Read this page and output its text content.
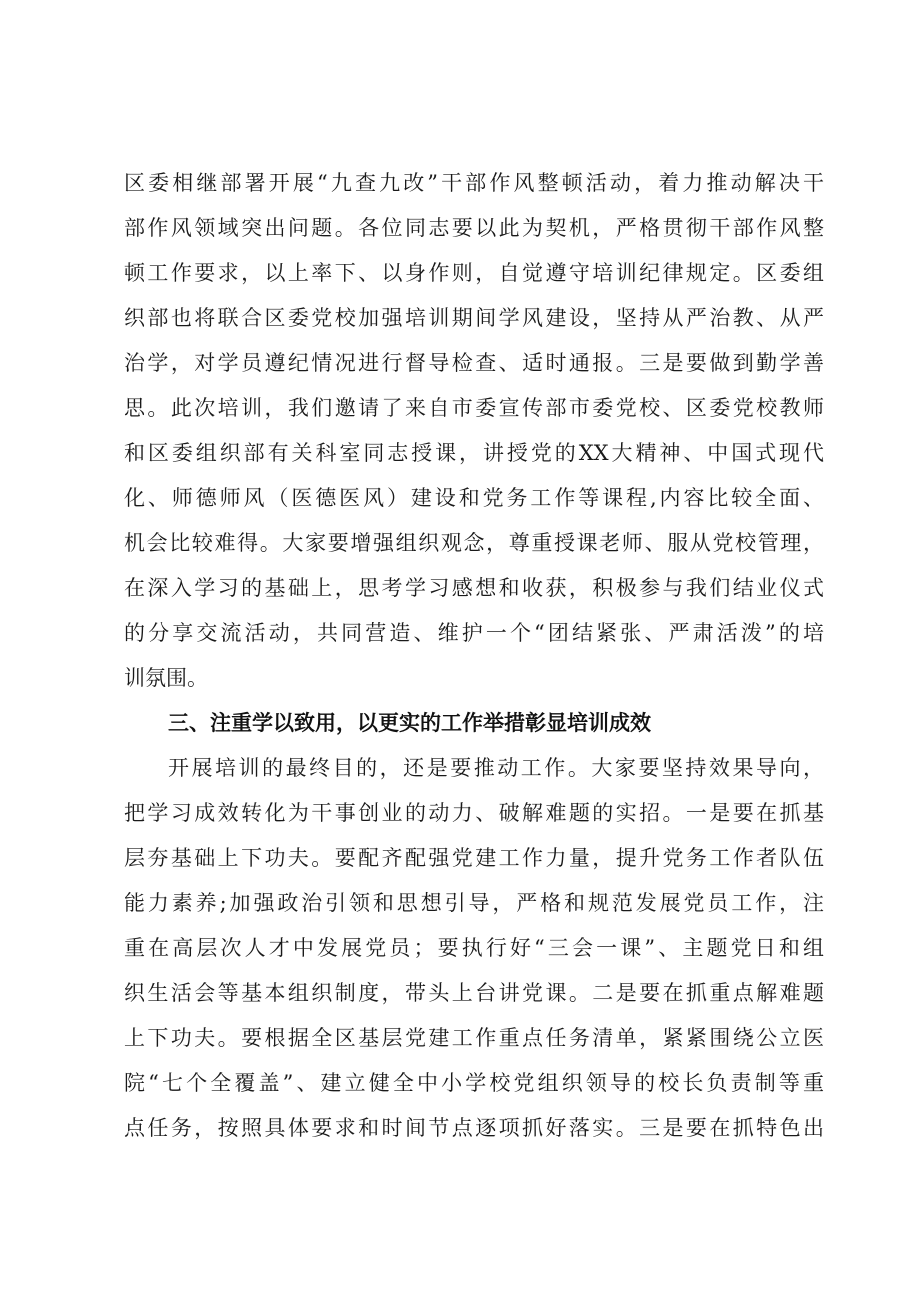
区委相继部署开展“九查九改”干部作风整顿活动，着力推动解决干
部作风领域突出问题。各位同志要以此为契机，严格贯彻干部作风整
顿工作要求，以上率下、以身作则，自觉遵守培训纪律规定。区委组
织部也将联合区委党校加强培训期间学风建设，坚持从严治教、从严
治学，对学员遵纪情况进行督导检查、适时通报。三是要做到勤学善
思。此次培训，我们邀请了来自市委宣传部市委党校、区委党校教师
和区委组织部有关科室同志授课，讲授党的XX大精神、中国式现代
化、师德师风（医德医风）建设和党务工作等课程,内容比较全面、
机会比较难得。大家要增强组织观念，尊重授课老师、服从党校管理，
在深入学习的基础上，思考学习感想和收获，积极参与我们结业仪式
的分享交流活动，共同营造、维护一个“团结紧张、严肃活泼”的培
训氛围。
三、注重学以致用，以更实的工作举措彰显培训成效
开展培训的最终目的，还是要推动工作。大家要坚持效果导向，
把学习成效转化为干事创业的动力、破解难题的实招。一是要在抓基
层夯基础上下功夫。要配齐配强党建工作力量，提升党务工作者队伍
能力素养;加强政治引领和思想引导，严格和规范发展党员工作，注
重在高层次人才中发展党员；要执行好“三会一课”、主题党日和组
织生活会等基本组织制度，带头上台讲党课。二是要在抓重点解难题
上下功夫。要根据全区基层党建工作重点任务清单，紧紧围绕公立医
院“七个全覆盖”、建立健全中小学校党组织领导的校长负责制等重
点任务，按照具体要求和时间节点逐项抓好落实。三是要在抓特色出
